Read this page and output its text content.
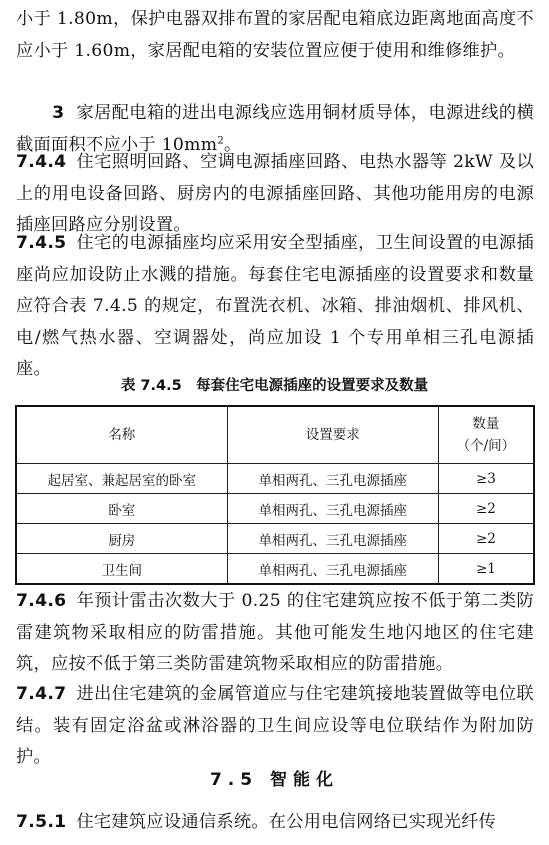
小于 1.80m，保护电器双排布置的家居配电箱底边距离地面高度不应小于 1.60m，家居配电箱的安装位置应便于使用和维修维护。
3 家居配电箱的进出电源线应选用铜材质导体，电源进线的横截面面积不应小于 $10mm^2$。
7.4.4 住宅照明回路、空调电源插座回路、电热水器等 2kW 及以上的用电设备回路、厨房内的电源插座回路、其他功能用房的电源插座回路应分别设置。
7.4.5 住宅的电源插座均应采用安全型插座，卫生间设置的电源插座尚应加设防止水溅的措施。每套住宅电源插座的设置要求和数量应符合表 7.4.5 的规定，布置洗衣机、冰箱、排油烟机、排风机、电/燃气热水器、空调器处，尚应加设 1 个专用单相三孔电源插座。
表 7.4.5　每套住宅电源插座的设置要求及数量
名称	设置要求	数量
（个/间）

起居室、兼起居室的卧室	单相两孔、三孔电源插座	≥3
卧室	单相两孔、三孔电源插座	≥2
厨房	单相两孔、三孔电源插座	≥2
卫生间	单相两孔、三孔电源插座	≥1
7.4.6 年预计雷击次数大于 0.25 的住宅建筑应按不低于第二类防雷建筑物采取相应的防雷措施。其他可能发生地闪地区的住宅建筑，应按不低于第三类防雷建筑物采取相应的防雷措施。
7.4.7 进出住宅建筑的金属管道应与住宅建筑接地装置做等电位联结。装有固定浴盆或淋浴器的卫生间应设等电位联结作为附加防护。
7.5 智能化
7.5.1 住宅建筑应设通信系统。在公用电信网络已实现光纤传
